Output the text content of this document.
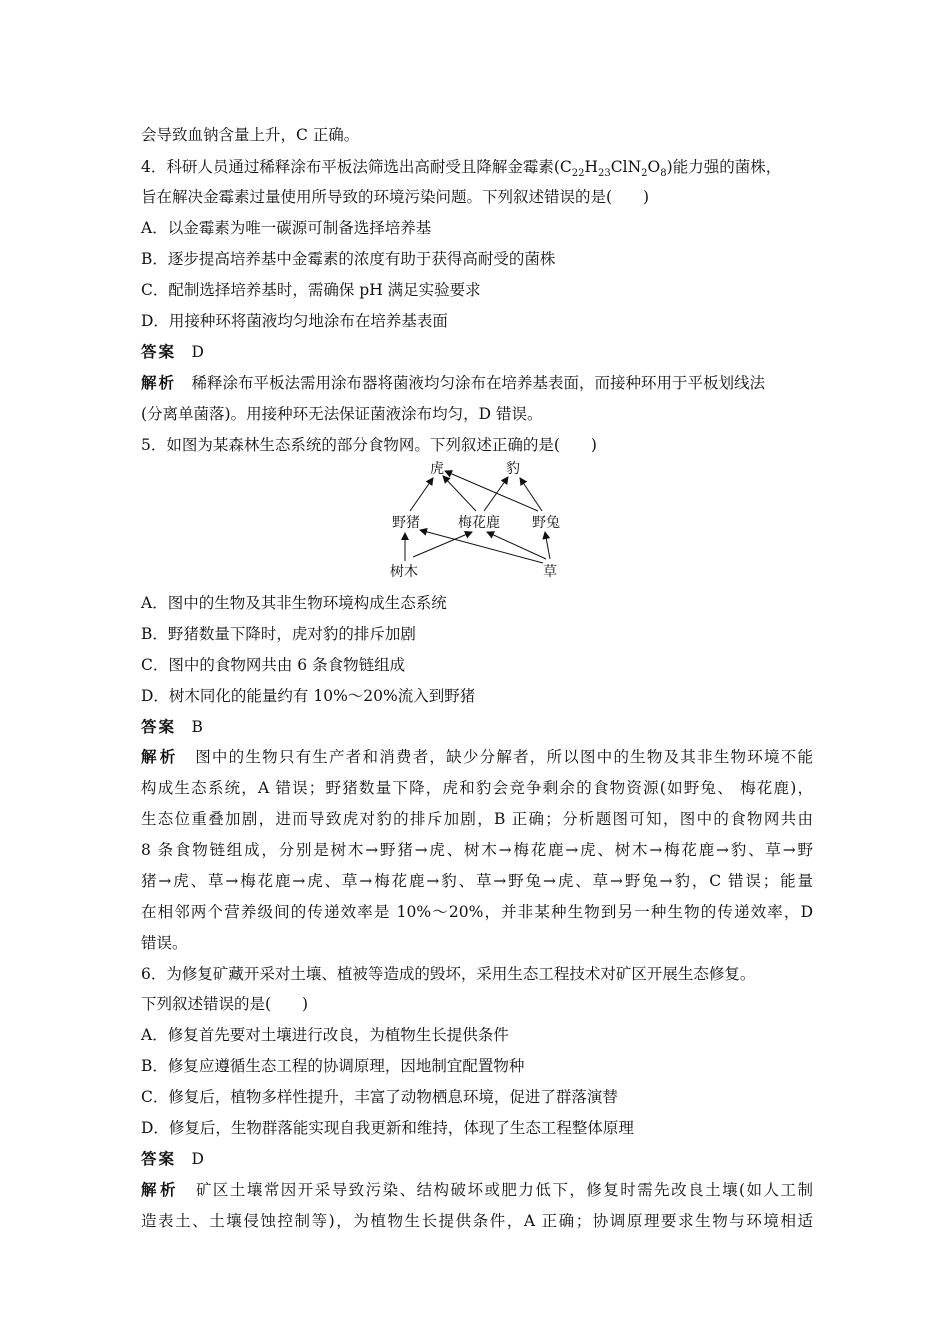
会导致血钠含量上升，C 正确。
4．科研人员通过稀释涂布平板法筛选出高耐受且降解金霉素$(C_{22}H_{23}ClN_2O_8)$能力强的菌株，
旨在解决金霉素过量使用所导致的环境污染问题。下列叙述错误的是(　　)
A．以金霉素为唯一碳源可制备选择培养基
B．逐步提高培养基中金霉素的浓度有助于获得高耐受的菌株
C．配制选择培养基时，需确保 pH 满足实验要求
D．用接种环将菌液均匀地涂布在培养基表面
答案　 D
解析　 稀释涂布平板法需用涂布器将菌液均匀涂布在培养基表面，而接种环用于平板划线法
(分离单菌落)。用接种环无法保证菌液涂布均匀，D 错误。
5．如图为某森林生态系统的部分食物网。下列叙述正确的是(　　)
虎	豹
野猪	梅花鹿 野兔
树木	草
A．图中的生物及其非生物环境构成生态系统
B．野猪数量下降时，虎对豹的排斥加剧
C．图中的食物网共由 6 条食物链组成
D．树木同化的能量约有 10%～20%流入到野猪
答案　 B
解析　 图中的生物只有生产者和消费者，缺少分解者，所以图中的生物及其非生物环境不能
构成生态系统，A 错误；野猪数量下降，虎和豹会竞争剩余的食物资源(如野兔、 梅花鹿)，
生态位重叠加剧，进而导致虎对豹的排斥加剧，B 正确；分析题图可知，图中的食物网共由
8 条食物链组成，分别是树木→野猪→虎、树木→梅花鹿→虎、树木→梅花鹿→豹、草→野
猪→虎、草→梅花鹿→虎、草→梅花鹿→豹、草→野兔→虎、草→野兔→豹，C 错误；能量
在相邻两个营养级间的传递效率是 10%～20%，并非某种生物到另一种生物的传递效率，D
错误。
6．为修复矿藏开采对土壤、植被等造成的毁坏，采用生态工程技术对矿区开展生态修复。
下列叙述错误的是(　　)
A．修复首先要对土壤进行改良，为植物生长提供条件
B．修复应遵循生态工程的协调原理，因地制宜配置物种
C．修复后，植物多样性提升，丰富了动物栖息环境，促进了群落演替
D．修复后，生物群落能实现自我更新和维持，体现了生态工程整体原理
答案　 D
解析　 矿区土壤常因开采导致污染、结构破坏或肥力低下，修复时需先改良土壤(如人工制
造表土、土壤侵蚀控制等)，为植物生长提供条件，A 正确；协调原理要求生物与环境相适
